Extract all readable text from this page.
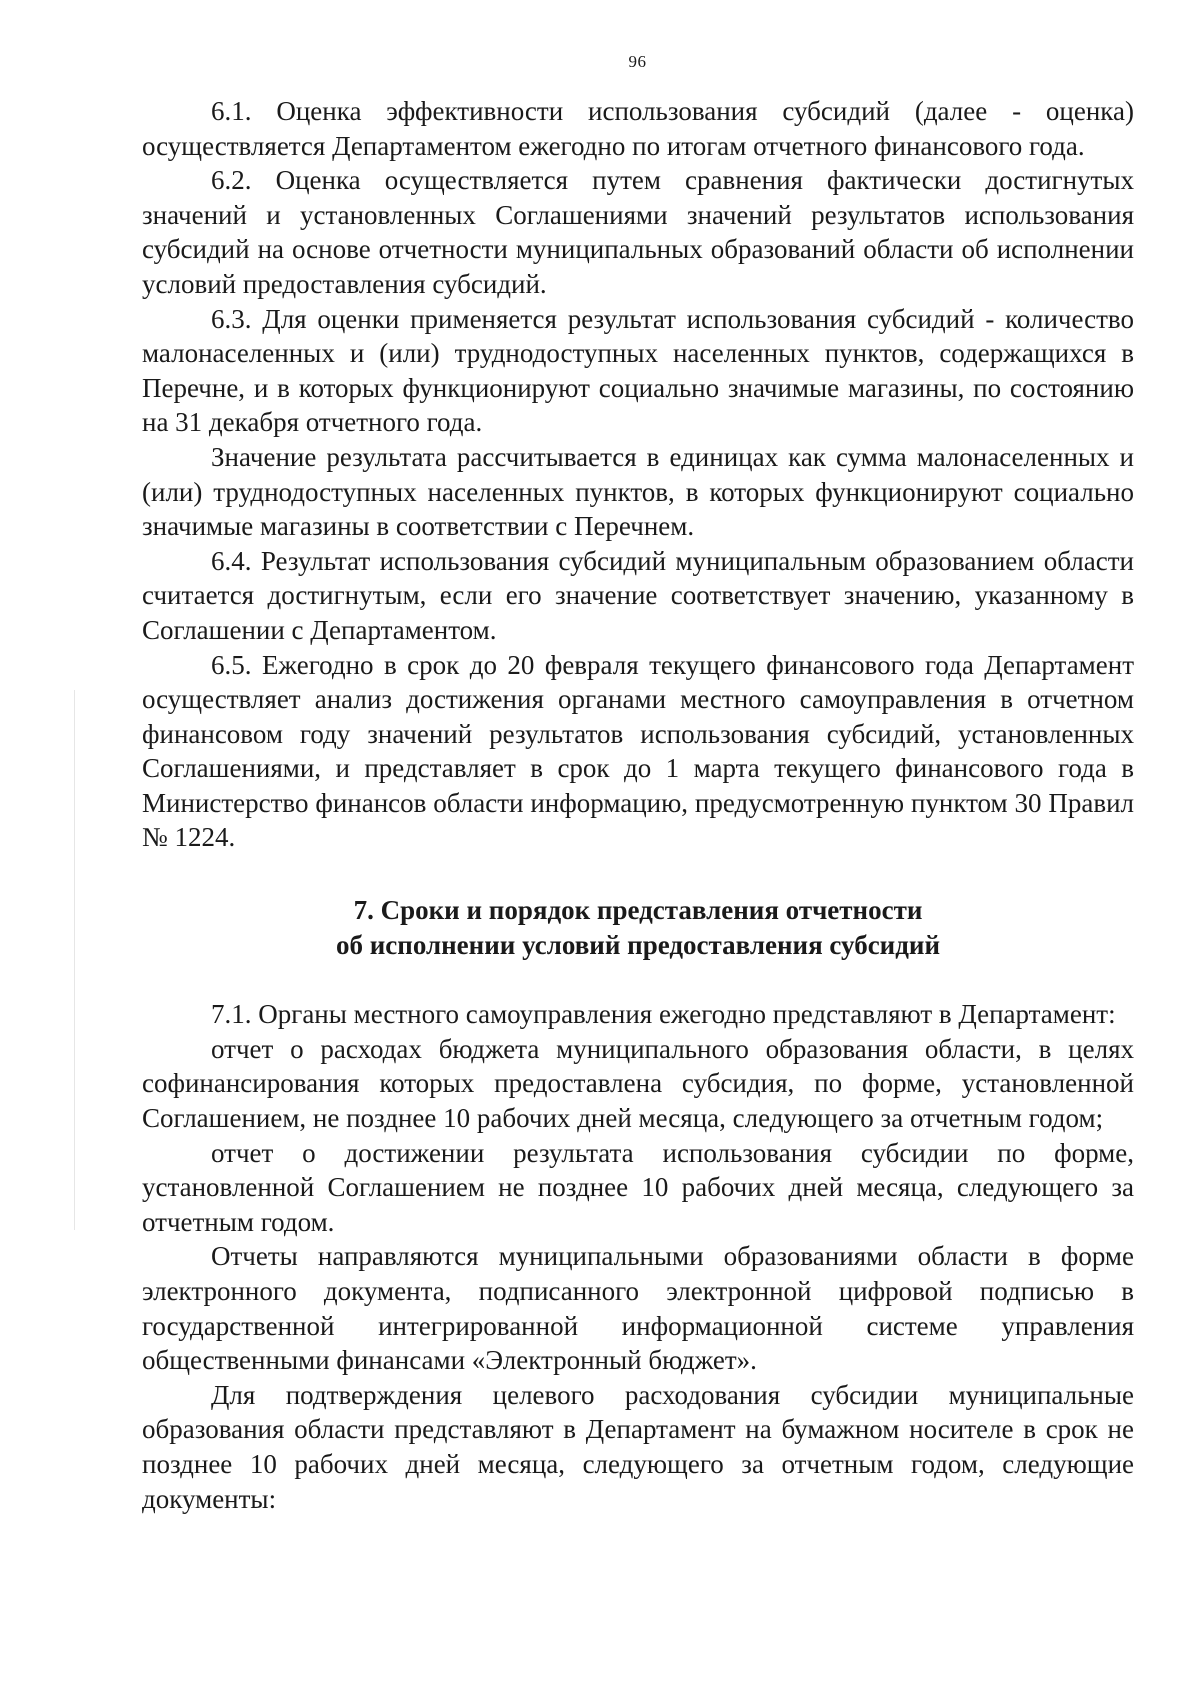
96

6.1. Оценка эффективности использования субсидий (далее - оценка) осуществляется Департаментом ежегодно по итогам отчетного финансового года.

6.2. Оценка осуществляется путем сравнения фактически достигнутых значений и установленных Соглашениями значений результатов использования субсидий на основе отчетности муниципальных образований области об исполнении условий предоставления субсидий.

6.3. Для оценки применяется результат использования субсидий - количество малонаселенных и (или) труднодоступных населенных пунктов, содержащихся в Перечне, и в которых функционируют социально значимые магазины, по состоянию на 31 декабря отчетного года.

Значение результата рассчитывается в единицах как сумма малонаселенных и (или) труднодоступных населенных пунктов, в которых функционируют социально значимые магазины в соответствии с Перечнем.

6.4. Результат использования субсидий муниципальным образованием области считается достигнутым, если его значение соответствует значению, указанному в Соглашении с Департаментом.

6.5. Ежегодно в срок до 20 февраля текущего финансового года Департамент осуществляет анализ достижения органами местного самоуправления в отчетном финансовом году значений результатов использования субсидий, установленных Соглашениями, и представляет в срок до 1 марта текущего финансового года в Министерство финансов области информацию, предусмотренную пунктом 30 Правил № 1224.

7. Сроки и порядок представления отчетности

об исполнении условий предоставления субсидий

7.1. Органы местного самоуправления ежегодно представляют в Департамент:

отчет о расходах бюджета муниципального образования области, в целях софинансирования которых предоставлена субсидия, по форме, установленной Соглашением, не позднее 10 рабочих дней месяца, следующего за отчетным годом;

отчет о достижении результата использования субсидии по форме, установленной Соглашением не позднее 10 рабочих дней месяца, следующего за отчетным годом.

Отчеты направляются муниципальными образованиями области в форме электронного документа, подписанного электронной цифровой подписью в государственной интегрированной информационной системе управления общественными финансами «Электронный бюджет».

Для подтверждения целевого расходования субсидии муниципальные образования области представляют в Департамент на бумажном носителе в срок не позднее 10 рабочих дней месяца, следующего за отчетным годом, следующие документы:
